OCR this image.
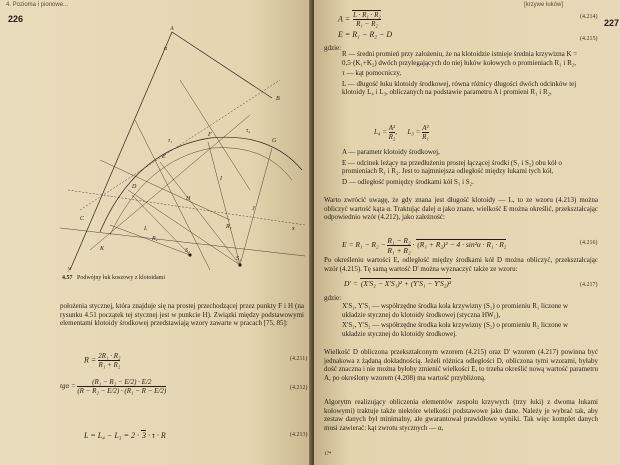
4. Pozioma i pionowe...
226
A
B
C
D
E
F
G
H
I
J
K
L
S₁
S₂
R₁
R₂
τ₁
τ₂
α
x
y
4.57 Podwójny łuk koszowy z klotoidami
położenia stycznej, która znajduje się na prostej przechodzącej przez punkty F i H (na rysunku 4.51 początek tej stycznej jest w punkcie H). Związki między podstawowymi elementami klotoidy środkowej przedstawiają wzory zawarte w pracach [75, 85]:
$R = \frac{\text{2R₁ · R₂}}{\text{R₁ + R₂}}$	(4.211)
$tg\alpha = \frac{\text{(R₁ − R₂ − E/2) · E/2}}{\text{(R − R₂ − E/2) · (R₁ − R − E/2)}}$	(4.212)
L = L₄ − L₃ = 2 · 3 · τ · R	(4.213)
[krzywe łuków]
227
$A = \frac{\text{L · R₁ · R₂}}{\text{R₁ − R₂}}$	(4.214)
E = R₁ − R₂ − D	(4.215)
gdzie:
R — średni promień przy założeniu, że na klotoidzie istnieje średnia krzywizna K = 0,5·(K₁+K₂) dwóch przylegających do niej łuków kołowych o promieniach R₁ i R₂,
τ — kąt pomocniczy,
L — długość łuku klotoidy środkowej, równa różnicy długości dwóch odcinków tej klotoidy L₄ i L₃, obliczanych na podstawie parametru A i promieni R₁ i R₂,
$L_4 = \frac{\text{A²}}{\text{R₂}}$ ,      $L_3 = \frac{\text{A²}}{\text{R₁}}$
A — parametr klotoidy środkowej,
E — odcinek leżący na przedłużeniu prostej łączącej środki (S₁ i S₂) obu kół o promieniach R₁ i R₂. Jest to najmniejsza odległość między łukami tych kół,
D — odległość pomiędzy środkami kół S₁ i S₂.
Warto zwrócić uwagę, że gdy znana jest długość klotoidy — L, to ze wzoru (4.213) można obliczyć wartość kąta α. Traktując dalej α jako znane, wielkość E można określić, przekształcając odpowiednio wzór (4.212), jako zależność:
$E = R_1 - R_2 - \frac{\text{R₁ − R₂}}{\text{R₁ + R₂}} \cdot (R_1 + R_2)^2 - 4 \cdot \sin^2\alpha \cdot R_1 \cdot R_2$	(4.216)
Po określeniu wartości E, odległość między środkami kół D można obliczyć, przekształcając wzór (4.215). Tę samą wartość D' można wyznaczyć także ze wzoru:
D' = (X'S₂ − X'S₁)² + (Y'S₁ − Y'S₂)²	(4.217)
gdzie:
X'S₁, Y'S₁ — współrzędne środka koła krzywizny (S₁) o promieniu R₁ liczone w układzie stycznej do klotoidy środkowej (styczna HW₁),
X'S₂, Y'S₂ — współrzędne środka koła krzywizny (S₂) o promieniu R₂ liczone w układzie stycznej do klotoidy środkowej.
Wielkość D obliczona przekształconym wzorem (4.215) oraz D' wzorem (4.217) powinna być jednakowa z żądaną dokładnością. Jeżeli różnica odległości D, obliczona tymi wzorami, byłaby dość znaczna i nie można byłoby zmienić wielkości E, to trzeba określić nową wartość parametru A, po określony wzorem (4.208) ma wartość przybliżoną.
Algorytm realizujący obliczenia elementów zespołu krzywych (trzy łuki) z dwoma łukami kołowymi) traktuje także niektóre wielkości podstawowe jako dane. Należy je wybrać tak, aby zestaw danych był minimalny, ale gwarantował prawidłowe wyniki. Tak więc komplet danych musi zawierać: kąt zwrotu stycznych — α,
17*
